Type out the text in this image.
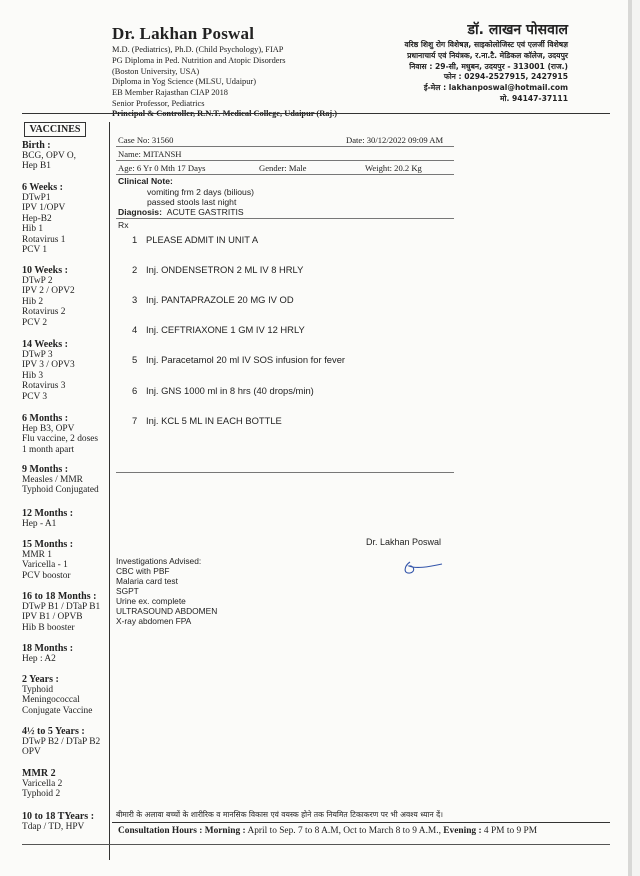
Dr. Lakhan Poswal
M.D. (Pediatrics), Ph.D. (Child Psychology), FIAP
PG Diploma in Ped. Nutrition and Atopic Disorders
(Boston University, USA)
Diploma in Yog Science (MLSU, Udaipur)
EB Member Rajasthan CIAP 2018
Senior Professor, Pediatrics
डॉ. लाखन पोसवाल
वरिष्ठ शिशु रोग विशेषज्ञ, साइकोलोजिस्ट एवं एलर्जी विशेषज्ञ
प्रधानाचार्य एवं नियंत्रक, र.ना.टै. मेडिकल कॉलेज, उदयपुर
निवास : 29-सी, मधुबन, उदयपुर - 313001 (राज.)
फोन : 0294-2527915, 2427915
ई-मेल : lakhanposwal@hotmail.com
मो. 94147-37111
VACCINES
Birth :
BCG, OPV O,
Hep B1
6 Weeks :
DTwP1
IPV 1/OPV
Hep-B2
Hib 1
Rotavirus 1
PCV 1
10 Weeks :
DTwP 2
IPV 2 / OPV2
Hib 2
Rotavirus 2
PCV 2
14 Weeks :
DTwP 3
IPV 3 / OPV3
Hib 3
Rotavirus 3
PCV 3
6 Months :
Hep B3, OPV
Flu vaccine, 2 doses
1 month apart
9 Months :
Measles / MMR
Typhoid Conjugated
12 Months :
Hep - A1
15 Months :
MMR 1
Varicella - 1
PCV boostor
16 to 18 Months :
DTwP B1 / DTaP B1
IPV B1 / OPVB
Hib B booster
18 Months :
Hep : A2
2 Years :
Typhoid
Meningococcal
Conjugate Vaccine
4½ to 5 Years :
DTwP B2 / DTaP B2
OPV
MMR 2
Varicella 2
Typhoid 2
10 to 18 TYears :
Tdap / TD, HPV
Case No: 31560	Date: 30/12/2022 09:09 AM
Name: MITANSH
Age: 6 Yr 0 Mth 17 Days	Gender: Male	Weight: 20.2 Kg
Clinical Note:
vomiting frm 2 days (bilious)
passed stools last night
Diagnosis: ACUTE GASTRITIS
Rx
1 PLEASE ADMIT IN UNIT A
2 Inj. ONDENSETRON 2 ML IV 8 HRLY
3 Inj. PANTAPRAZOLE 20 MG IV OD
4 Inj. CEFTRIAXONE 1 GM IV 12 HRLY
5 Inj. Paracetamol 20 ml IV SOS infusion for fever
6 Inj. GNS 1000 ml in 8 hrs (40 drops/min)
7 Inj. KCL 5 ML IN EACH BOTTLE
Dr. Lakhan Poswal
Investigations Advised:
CBC with PBF
Malaria card test
SGPT
Urine ex. complete
ULTRASOUND ABDOMEN
X-ray abdomen FPA
बीमारी के अलावा बच्चों के शारीरिक व मानसिक विकास एवं वयस्क होने तक नियमित टिकाकरण पर भी अवश्य ध्यान दें।
Consultation Hours : Morning : April to Sep. 7 to 8 A.M, Oct to March 8 to 9 A.M., Evening : 4 PM to 9 PM
